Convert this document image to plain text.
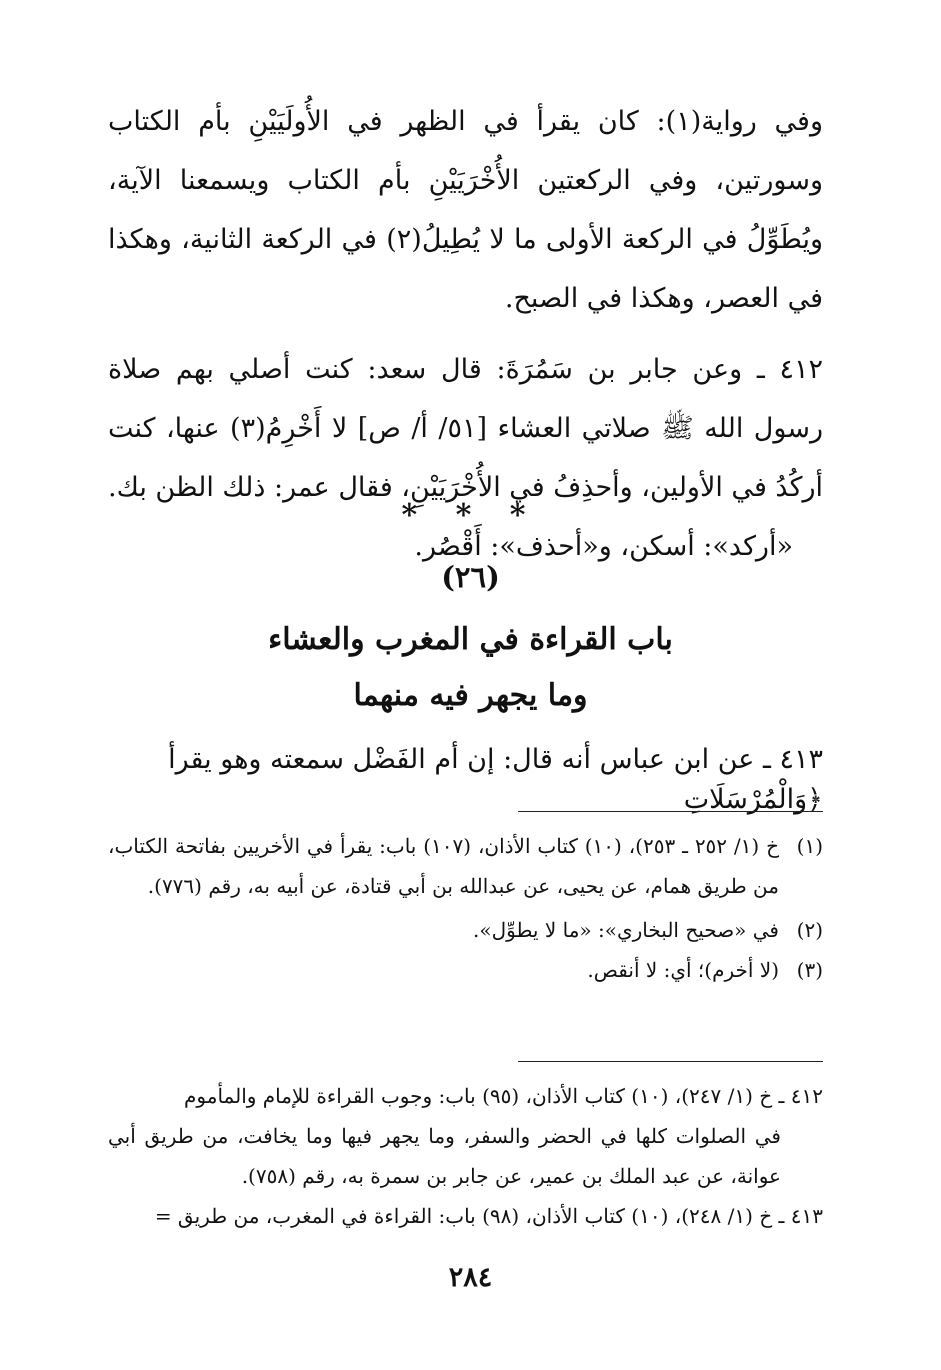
وفي رواية(١): كان يقرأ في الظهر في الأُولَيَيْنِ بأم الكتاب وسورتين، وفي الركعتين الأُخْرَيَيْنِ بأم الكتاب ويسمعنا الآية، ويُطَوِّلُ في الركعة الأولى ما لا يُطِيلُ(٢) في الركعة الثانية، وهكذا في العصر، وهكذا في الصبح.

٤١٢ ـ وعن جابر بن سَمُرَةَ: قال سعد: كنت أصلي بهم صلاة رسول الله ﷺ صلاتي العشاء [٥١/ أ/ ص] لا أَخْرِمُ(٣) عنها، كنت أركُدُ في الأولين، وأحذِفُ في الأُخْرَيَيْنِ، فقال عمر: ذلك الظن بك.

«أركد»: أسكن، و«أحذف»: أَقْصُر.

* * *
(٢٦)
باب القراءة في المغرب والعشاء
وما يجهر فيه منهما
٤١٣ ـ عن ابن عباس أنه قال: إن أم الفَضْل سمعته وهو يقرأ ﴿وَالْمُرْسَلَاتِ
(١)
خ (١/ ٢٥٢ ـ ٢٥٣)، (١٠) كتاب الأذان، (١٠٧) باب: يقرأ في الأخريين بفاتحة الكتاب، من طريق همام، عن يحيى، عن عبدالله بن أبي قتادة، عن أبيه به، رقم (٧٧٦).
(٢)
في «صحيح البخاري»: «ما لا يطوِّل».
(٣)
(لا أخرم)؛ أي: لا أنقص.

٤١٢ ـ خ (١/ ٢٤٧)، (١٠) كتاب الأذان، (٩٥) باب: وجوب القراءة للإمام والمأموم
في الصلوات كلها في الحضر والسفر، وما يجهر فيها وما يخافت، من طريق أبي عوانة، عن عبد الملك بن عمير، عن جابر بن سمرة به، رقم (٧٥٨).

٤١٣ ـ خ (١/ ٢٤٨)، (١٠) كتاب الأذان، (٩٨) باب: القراءة في المغرب، من طريق =

٢٨٤
